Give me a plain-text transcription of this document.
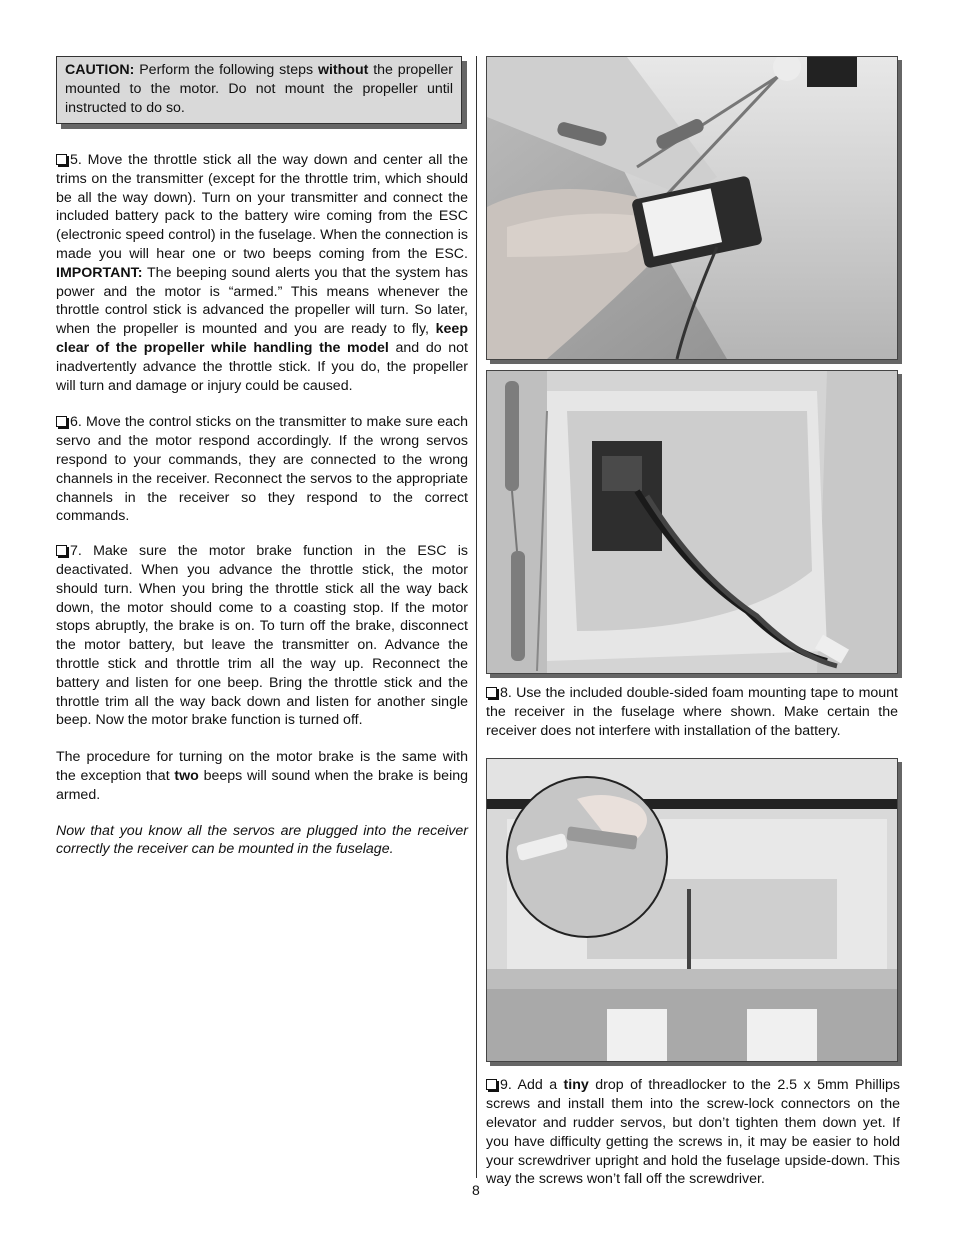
CAUTION: Perform the following steps without the propeller mounted to the motor. Do not mount the propeller until instructed to do so.

5. Move the throttle stick all the way down and center all the trims on the transmitter (except for the throttle trim, which should be all the way down). Turn on your transmitter and connect the included battery pack to the battery wire coming from the ESC (electronic speed control) in the fuselage. When the connection is made you will hear one or two beeps coming from the ESC. IMPORTANT: The beeping sound alerts you that the system has power and the motor is “armed.” This means whenever the throttle control stick is advanced the propeller will turn. So later, when the propeller is mounted and you are ready to fly, keep clear of the propeller while handling the model and do not inadvertently advance the throttle stick. If you do, the propeller will turn and damage or injury could be caused.

6. Move the control sticks on the transmitter to make sure each servo and the motor respond accordingly. If the wrong servos respond to your commands, they are connected to the wrong channels in the receiver. Reconnect the servos to the appropriate channels in the receiver so they respond to the correct commands.

7. Make sure the motor brake function in the ESC is deactivated. When you advance the throttle stick, the motor should turn. When you bring the throttle stick all the way back down, the motor should come to a coasting stop. If the motor stops abruptly, the brake is on. To turn off the brake, disconnect the motor battery, but leave the transmitter on. Advance the throttle stick and throttle trim all the way up. Reconnect the battery and listen for one beep. Bring the throttle stick and the throttle trim all the way back down and listen for another single beep. Now the motor brake function is turned off.

The procedure for turning on the motor brake is the same with the exception that two beeps will sound when the brake is being armed.

Now that you know all the servos are plugged into the receiver correctly the receiver can be mounted in the fuselage.

8. Use the included double-sided foam mounting tape to mount the receiver in the fuselage where shown. Make certain the receiver does not interfere with installation of the battery.

9. Add a tiny drop of threadlocker to the 2.5 x 5mm Phillips screws and install them into the screw-lock connectors on the elevator and rudder servos, but don’t tighten them down yet. If you have difficulty getting the screws in, it may be easier to hold your screwdriver upright and hold the fuselage upside-down. This way the screws won’t fall off the screwdriver.

8
